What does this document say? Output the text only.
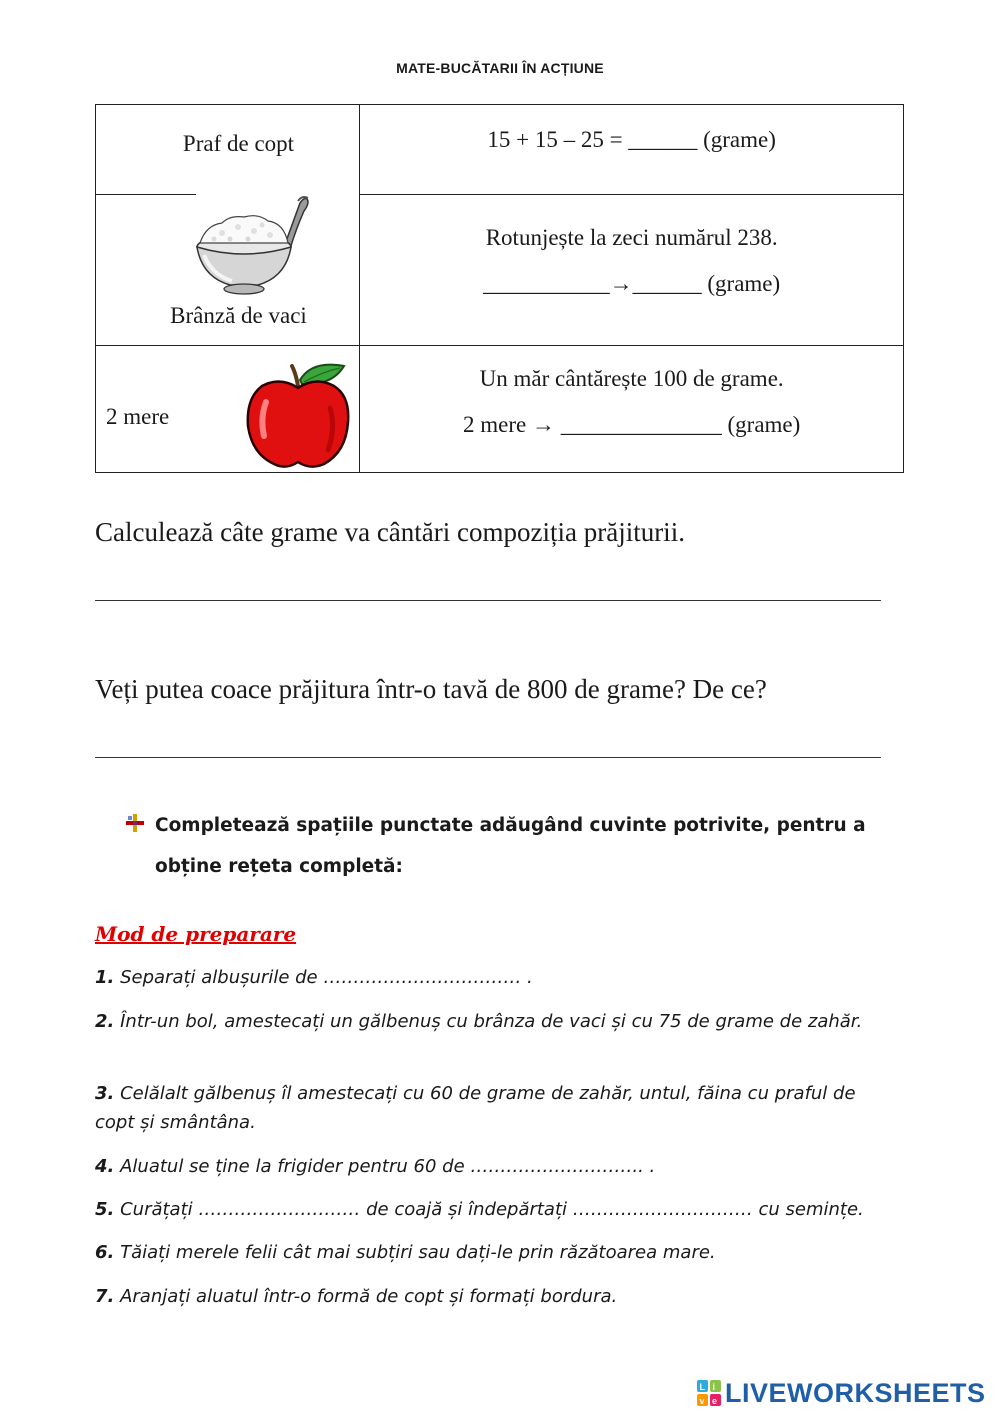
MATE-BUCĂTARII ÎN ACȚIUNE
Praf de copt	15 + 15 – 25 = ______ (grame)

Brânză de vaci	Rotunjește la zeci numărul 238.
___________→______ (grame)

2 mere	Un măr cântărește 100 de grame.
2 mere → ______________ (grame)
Calculează câte grame va cântări compoziția prăjiturii.
Veți putea coace prăjitura într-o tavă de 800 de grame? De ce?
Completează spațiile punctate adăugând cuvinte potrivite, pentru a
obține rețeta completă:
Mod de preparare
1. Separați albușurile de …………………………… .
2. Într-un bol, amestecați un gălbenuș cu brânza de vaci și cu 75 de grame de zahăr.
3. Celălalt gălbenuș îl amestecați cu 60 de grame de zahăr, untul, făina cu praful de copt și smântâna.
4. Aluatul se ține la frigider pentru 60 de ……………………….. .
5. Curățați ……………………… de coajă și îndepărtați ………………………… cu semințe.
6. Tăiați merele felii cât mai subțiri sau dați-le prin răzătoarea mare.
7. Aranjați aluatul într-o formă de copt și formați bordura.
L i
v e LIVEWORKSHEETS
